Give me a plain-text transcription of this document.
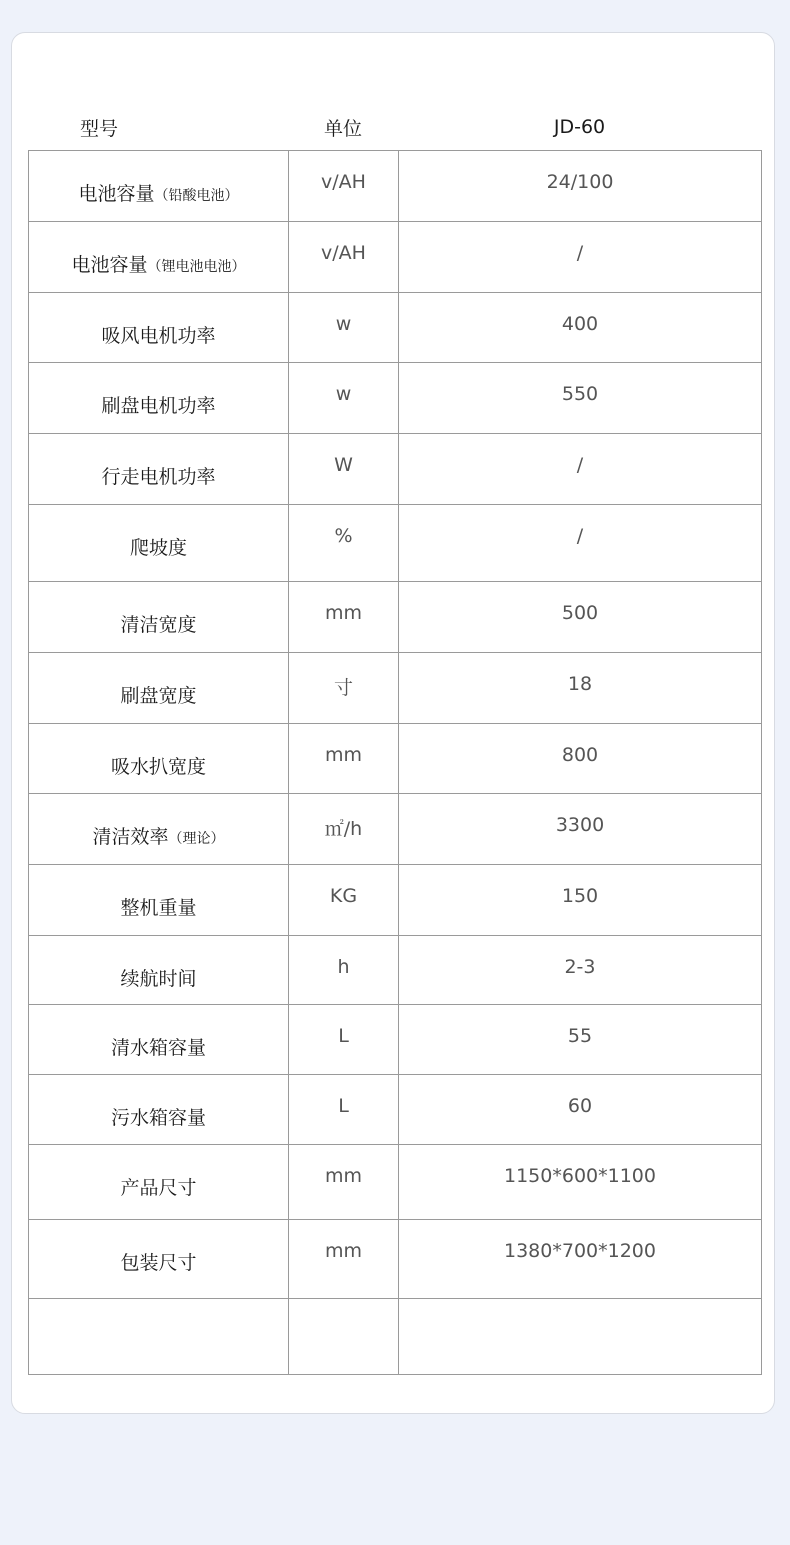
型号	单位	JD-60
电池容量（铅酸电池）	v/AH	24/100

电池容量（锂电池电池）	v/AH	/

吸风电机功率	w	400

刷盘电机功率	w	550

行走电机功率	W	/

爬坡度	%	/

清洁宽度	mm	500

刷盘宽度	寸	18

吸水扒宽度	mm	800

清洁效率（理论）	㎡/h	3300

整机重量	KG	150

续航时间	h	2-3

清水箱容量	L	55

污水箱容量	L	60

产品尺寸	mm	1150*600*1100

包装尺寸	mm	1380*700*1200
